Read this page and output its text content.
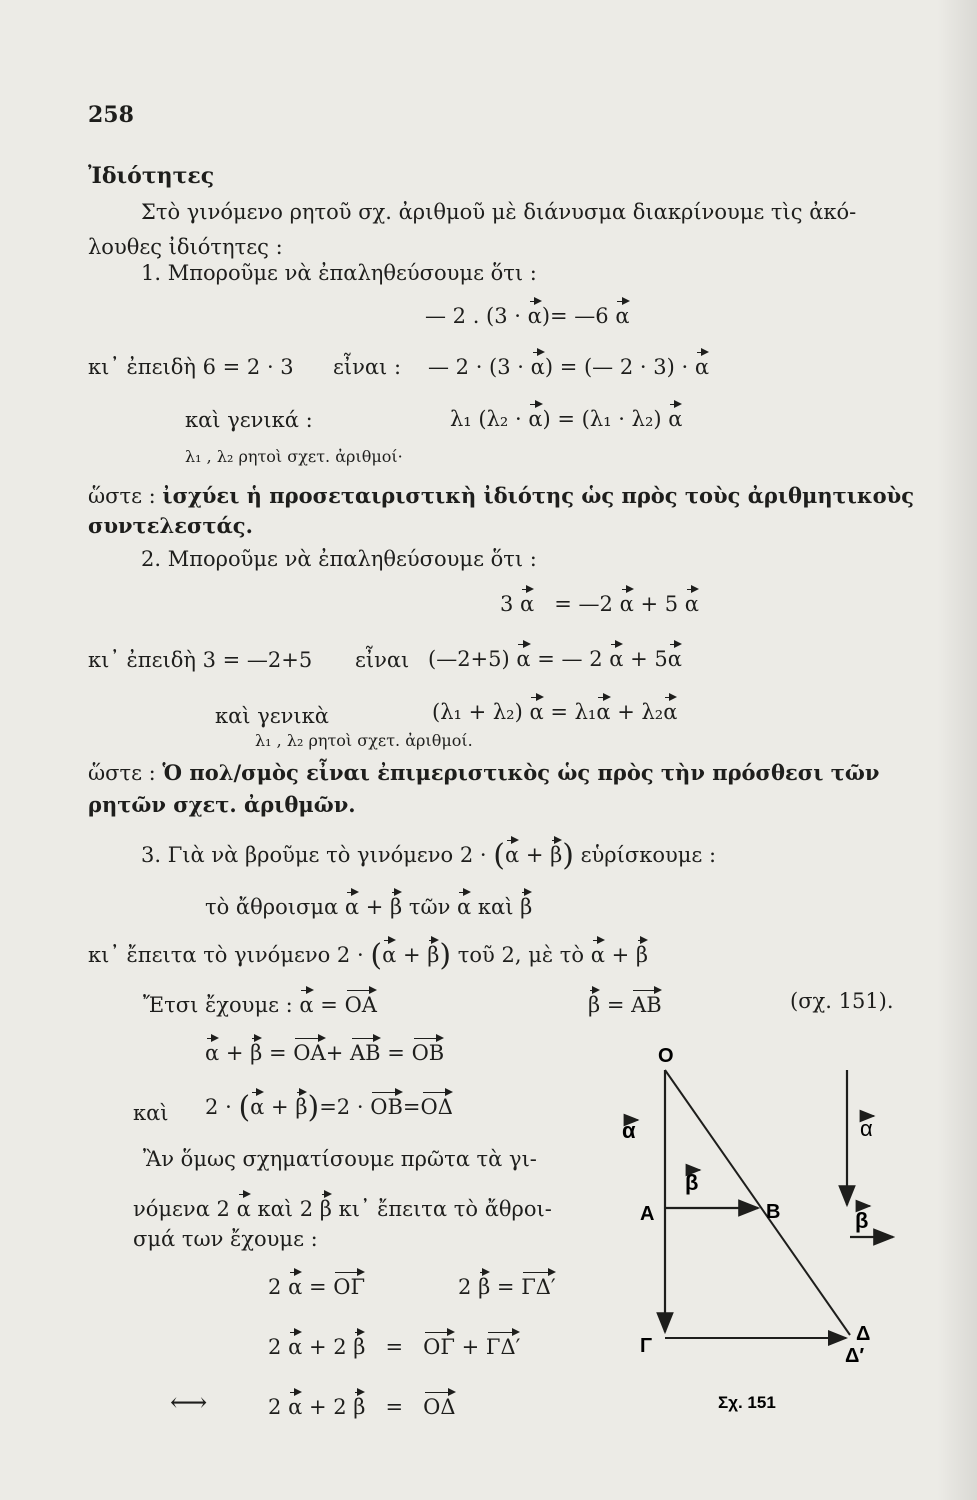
258
Ἰδιότητες
Στὸ γινόμενο ρητοῦ σχ. ἀριθμοῦ μὲ διάνυσμα διακρίνουμε τὶς ἀκό-
λουθες ἰδιότητες :
1. Μποροῦμε νὰ ἐπαληθεύσουμε ὅτι :
— 2 . (3 · α)= —6 α
κι᾿ ἐπειδὴ 6 = 2 · 3 εἶναι : — 2 · (3 · α) = (— 2 · 3) · α
καὶ γενικά :	λ₁ (λ₂ · α) = (λ₁ · λ₂) α
λ₁ , λ₂ ρητοὶ σχετ. ἀριθμοί·
ὥστε : ἰσχύει ἡ προσεταιριστικὴ ἰδιότης ὡς πρὸς τοὺς ἀριθμητικοὺς
συντελεστάς.
2. Μποροῦμε νὰ ἐπαληθεύσουμε ὅτι :
3 α   = —2 α + 5 α
κι᾿ ἐπειδὴ 3 = —2+5 εἶναι (—2+5) α = — 2 α + 5α
καὶ γενικὰ	(λ₁ + λ₂) α = λ₁α + λ₂α
λ₁ , λ₂ ρητοὶ σχετ. ἀριθμοί.
ὥστε : Ὁ πολ/σμὸς εἶναι ἐπιμεριστικὸς ὡς πρὸς τὴν πρόσθεσι τῶν
ρητῶν σχετ. ἀριθμῶν.
3. Γιὰ νὰ βροῦμε τὸ γινόμενο 2 · (α + β) εὑρίσκουμε :
τὸ ἄθροισμα α + β τῶν α καὶ β
κι᾿ ἔπειτα τὸ γινόμενο 2 · (α + β) τοῦ 2, μὲ τὸ α + β
Ἔτσι ἔχουμε : α = ΟΑ	β = ΑΒ	(σχ. 151).
α + β = ΟΑ+ ΑΒ = ΟΒ
καὶ 2 · (α + β)=2 · ΟΒ=ΟΔ
Ἂν ὅμως σχηματίσουμε πρῶτα τὰ γι-
νόμενα 2 α καὶ 2 β κι᾿ ἔπειτα τὸ ἄθροι-
σμά των ἔχουμε :
2 α = ΟΓ	2 β = ΓΔ′
2 α + 2 β = ΟΓ + ΓΔ′
⟷	2 α + 2 β = ΟΔ
Ο
Α	Β
Γ
Δ
Δ′
α
β
α
β
Σχ. 151
